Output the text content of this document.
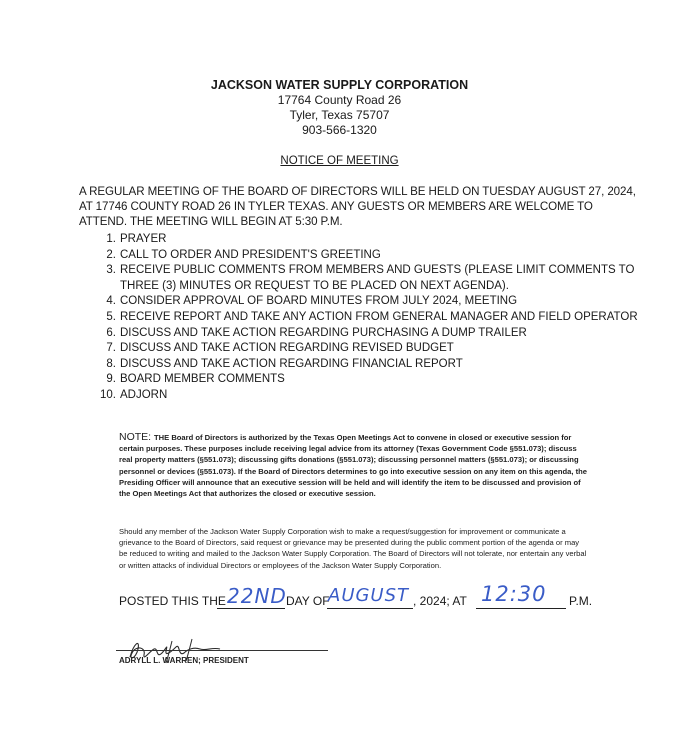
JACKSON WATER SUPPLY CORPORATION
17764 County Road 26
Tyler, Texas 75707
903-566-1320
NOTICE OF MEETING
A REGULAR MEETING OF THE BOARD OF DIRECTORS WILL BE HELD ON TUESDAY AUGUST 27, 2024, AT 17746 COUNTY ROAD 26 IN TYLER TEXAS. ANY GUESTS OR MEMBERS ARE WELCOME TO ATTEND. THE MEETING WILL BEGIN AT 5:30 P.M.
1. PRAYER
2. CALL TO ORDER AND PRESIDENT'S GREETING
3. RECEIVE PUBLIC COMMENTS FROM MEMBERS AND GUESTS (PLEASE LIMIT COMMENTS TO THREE (3) MINUTES OR REQUEST TO BE PLACED ON NEXT AGENDA).
4. CONSIDER APPROVAL OF BOARD MINUTES FROM JULY 2024, MEETING
5. RECEIVE REPORT AND TAKE ANY ACTION FROM GENERAL MANAGER AND FIELD OPERATOR
6. DISCUSS AND TAKE ACTION REGARDING PURCHASING A DUMP TRAILER
7. DISCUSS AND TAKE ACTION REGARDING REVISED BUDGET
8. DISCUSS AND TAKE ACTION REGARDING FINANCIAL REPORT
9. BOARD MEMBER COMMENTS
10. ADJORN
NOTE: THE Board of Directors is authorized by the Texas Open Meetings Act to convene in closed or executive session for certain purposes. These purposes include receiving legal advice from its attorney (Texas Government Code §551.073); discuss real property matters (§551.073); discussing gifts donations (§551.073); discussing personnel matters (§551.073); or discussing personnel or devices (§551.073). If the Board of Directors determines to go into executive session on any item on this agenda, the Presiding Officer will announce that an executive session will be held and will identify the item to be discussed and provision of the Open Meetings Act that authorizes the closed or executive session.
Should any member of the Jackson Water Supply Corporation wish to make a request/suggestion for improvement or communicate a grievance to the Board of Directors, said request or grievance may be presented during the public comment portion of the agenda or may be reduced to writing and mailed to the Jackson Water Supply Corporation. The Board of Directors will not tolerate, nor entertain any verbal or written attacks of individual Directors or employees of the Jackson Water Supply Corporation.
POSTED THIS THE 22ND DAY OF
AUGUST , 2024; AT 12:30 P.M.
ADRYLL L. WARREN; PRESIDENT
